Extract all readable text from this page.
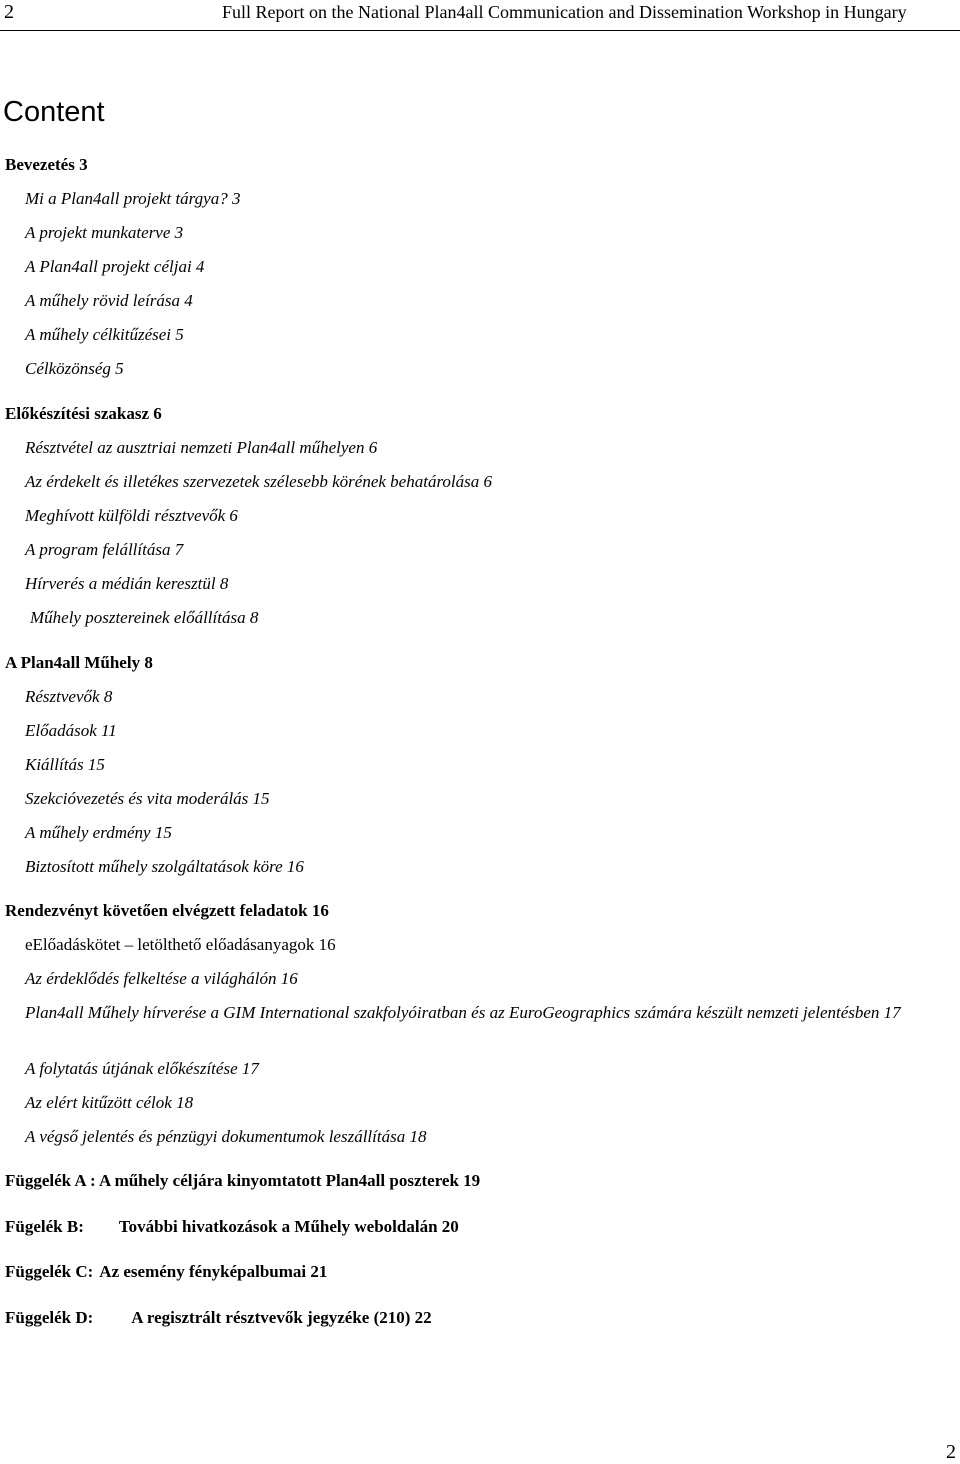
2	Full Report on the National Plan4all Communication and Dissemination Workshop in Hungary
Content
Bevezetés 3
Mi a Plan4all projekt tárgya? 3
A projekt munkaterve 3
A Plan4all projekt céljai 4
A műhely rövid leírása 4
A műhely célkitűzései 5
Célközönség 5
Előkészítési szakasz 6
Résztvétel az ausztriai nemzeti Plan4all műhelyen 6
Az érdekelt és illetékes szervezetek szélesebb körének behatárolása 6
Meghívott külföldi résztvevők 6
A program felállítása 7
Hírverés a médián keresztül 8
Műhely posztereinek előállítása 8
A Plan4all Műhely 8
Résztvevők 8
Előadások 11
Kiállítás 15
Szekcióvezetés és vita moderálás 15
A műhely erdmény 15
Biztosított műhely szolgáltatások köre 16
Rendezvényt követően elvégzett feladatok 16
eElőadáskötet – letölthető előadásanyagok 16
Az érdeklődés felkeltése a világhálón 16
Plan4all Műhely hírverése a GIM International szakfolyóiratban és az EuroGeographics számára készült nemzeti jelentésben 17
A folytatás útjának előkészítése 17
Az elért kitűzött célok 18
A végső jelentés és pénzügyi dokumentumok leszállítása 18
Függelék A : A műhely céljára kinyomtatott Plan4all poszterek 19
Fügelék B: További hivatkozások a Műhely weboldalán 20
Függelék C: Az esemény fényképalbumai 21
Függelék D: A regisztrált résztvevők jegyzéke (210) 22
2
